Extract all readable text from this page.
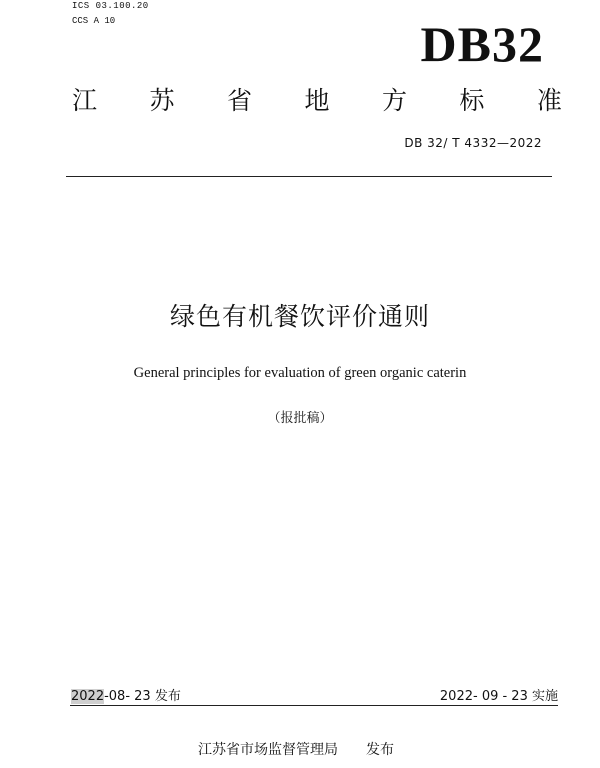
ICS 03.100.20
CCS A 10	DB32
江 苏 省 地 方 标 准
DB 32/ T 4332—2022
绿色有机餐饮评价通则
General principles for evaluation of green organic caterin
（报批稿）
2022-08- 23 发布	2022- 09 - 23 实施
江苏省市场监督管理局 发布
